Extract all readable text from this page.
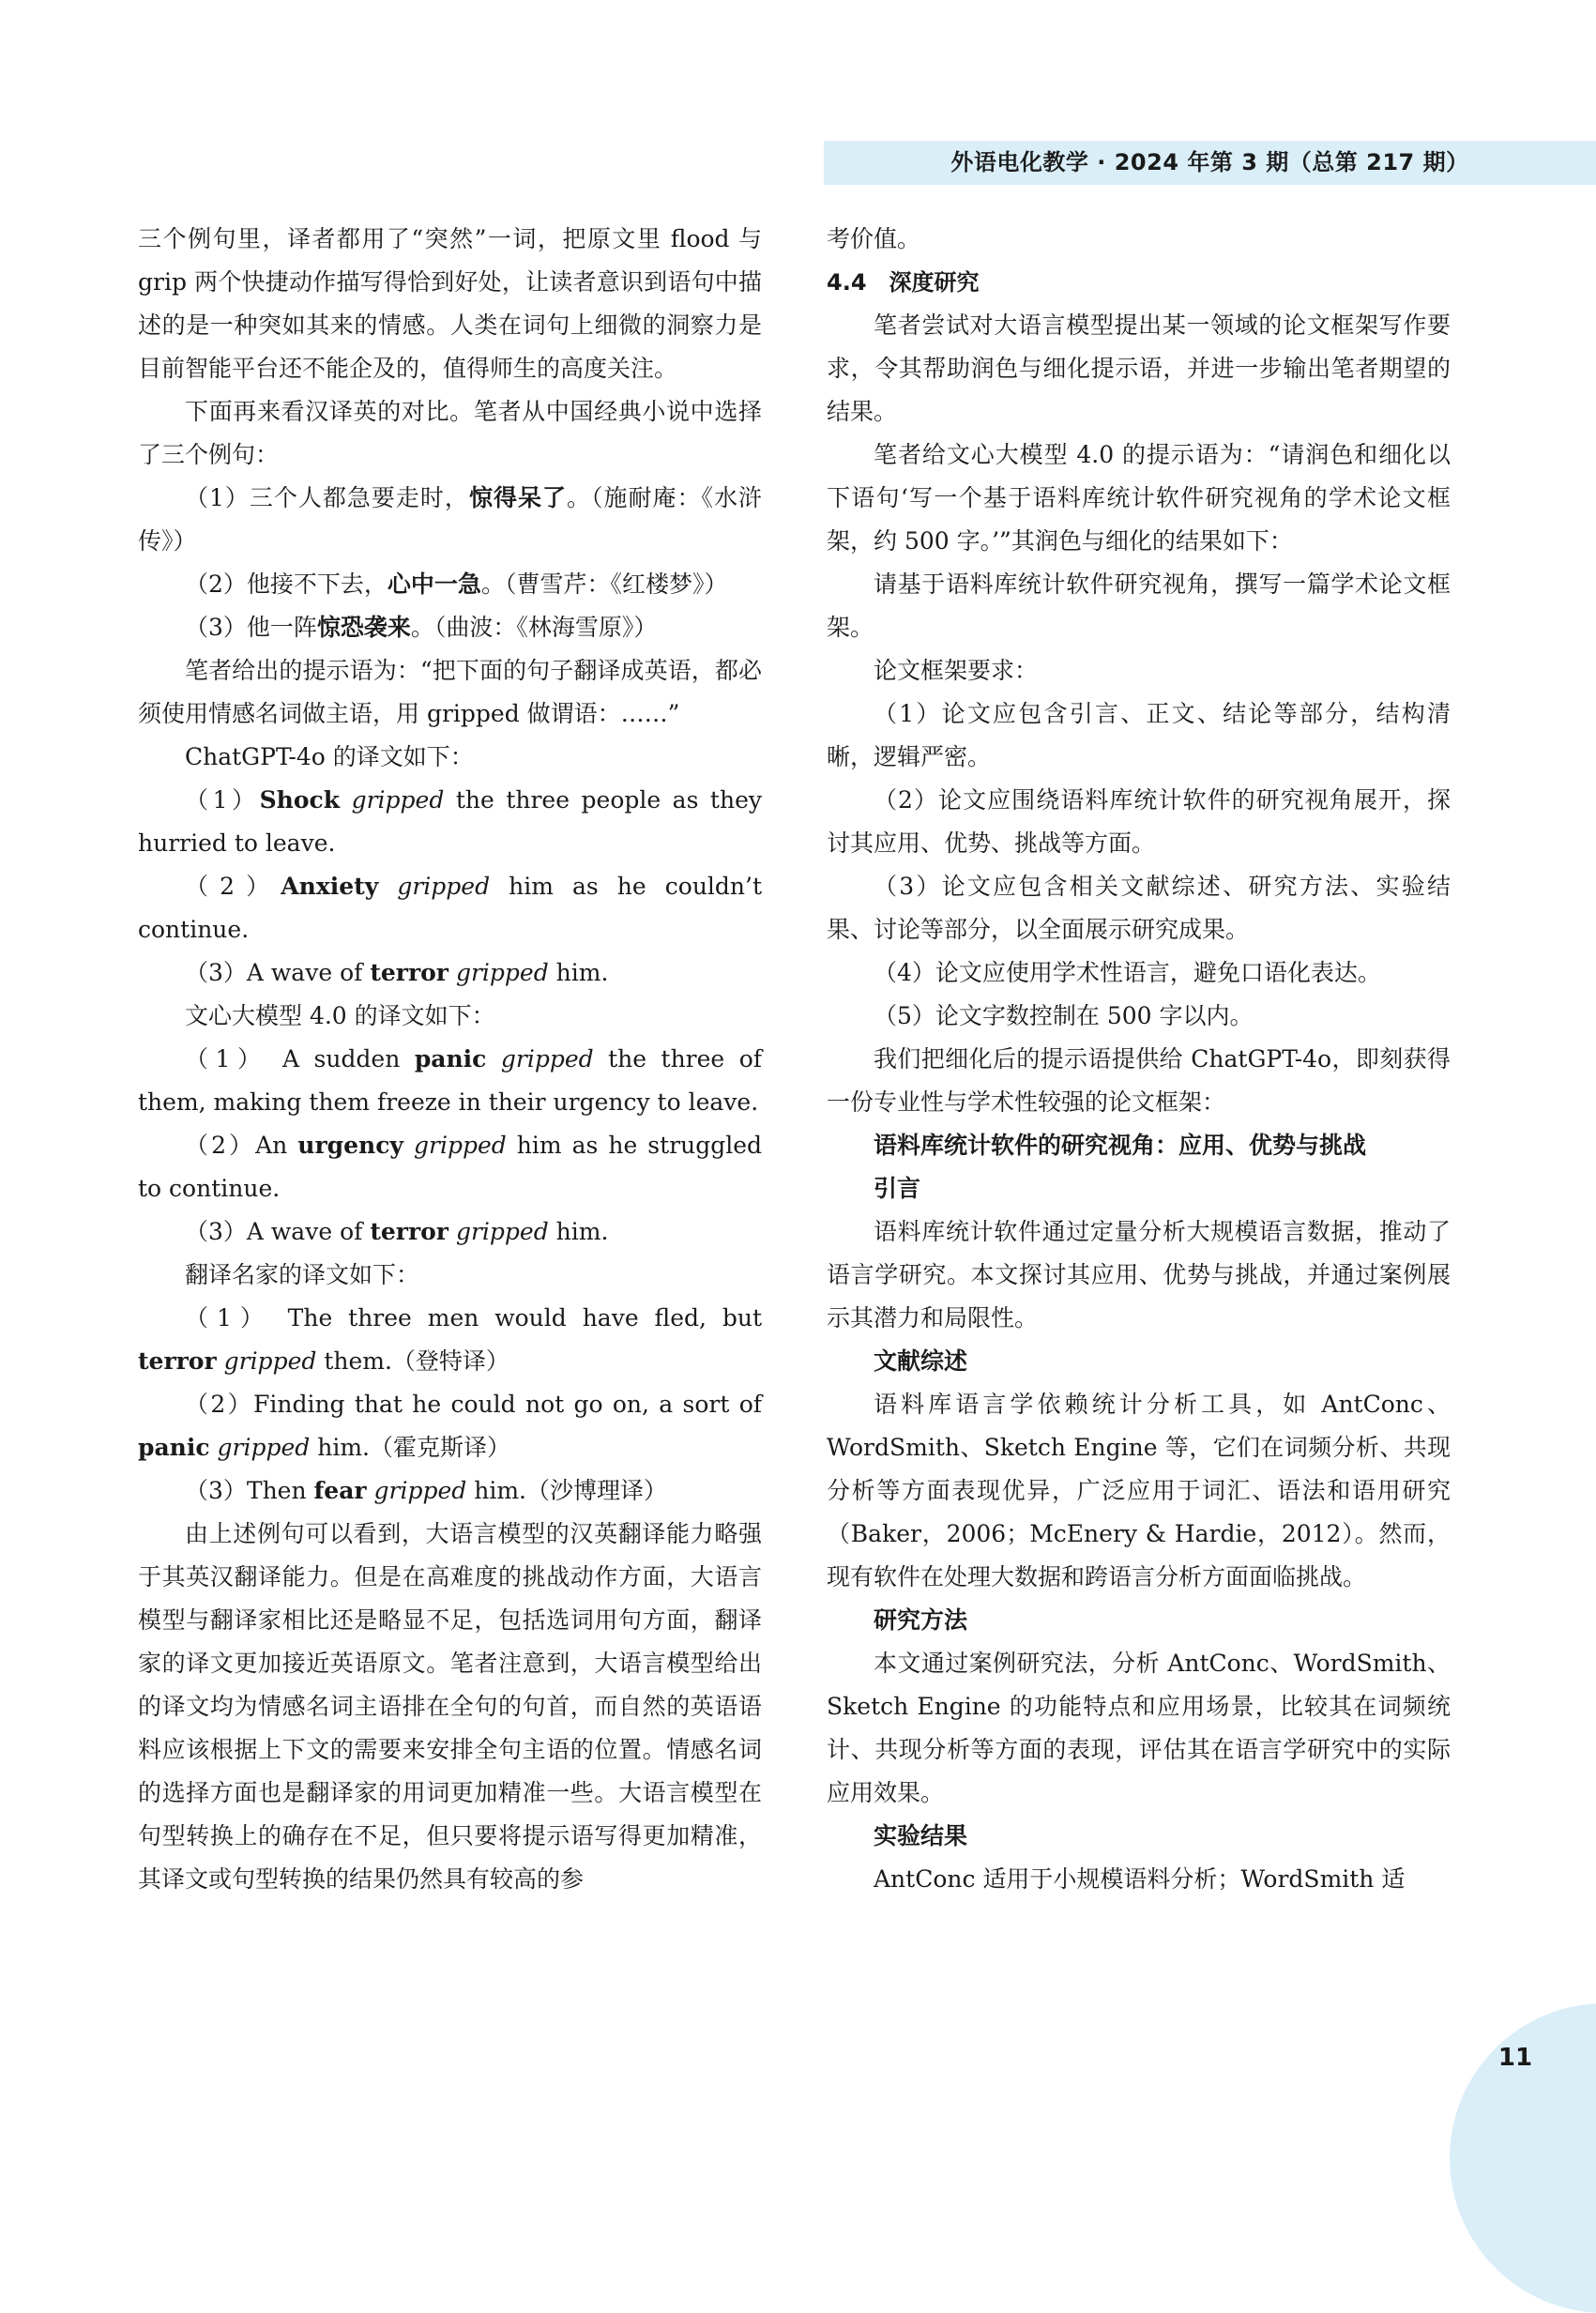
外语电化教学 · 2024 年第 3 期（总第 217 期）

三个例句里，译者都用了“突然”一词，把原文里 flood 与 grip 两个快捷动作描写得恰到好处，让读者意识到语句中描述的是一种突如其来的情感。人类在词句上细微的洞察力是目前智能平台还不能企及的，值得师生的高度关注。

下面再来看汉译英的对比。笔者从中国经典小说中选择了三个例句：

（1）三个人都急要走时，惊得呆了。（施耐庵：《水浒传》）

（2）他接不下去，心中一急。（曹雪芹：《红楼梦》）

（3）他一阵惊恐袭来。（曲波：《林海雪原》）

笔者给出的提示语为：“把下面的句子翻译成英语，都必须使用情感名词做主语，用 gripped 做谓语：……”

ChatGPT-4o 的译文如下：

（1）Shock gripped the three people as they hurried to leave.

（2）Anxiety gripped him as he couldn’t continue.

（3）A wave of terror gripped him.

文心大模型 4.0 的译文如下：

（1） A sudden panic gripped the three of them, making them freeze in their urgency to leave.

（2）An urgency gripped him as he struggled to continue.

（3）A wave of terror gripped him.

翻译名家的译文如下：

（1） The three men would have fled, but terror gripped them.（登特译）

（2）Finding that he could not go on, a sort of panic gripped him.（霍克斯译）

（3）Then fear gripped him.（沙博理译）

由上述例句可以看到，大语言模型的汉英翻译能力略强于其英汉翻译能力。但是在高难度的挑战动作方面，大语言模型与翻译家相比还是略显不足，包括选词用句方面，翻译家的译文更加接近英语原文。笔者注意到，大语言模型给出的译文均为情感名词主语排在全句的句首，而自然的英语语料应该根据上下文的需要来安排全句主语的位置。情感名词的选择方面也是翻译家的用词更加精准一些。大语言模型在句型转换上的确存在不足，但只要将提示语写得更加精准，其译文或句型转换的结果仍然具有较高的参

考价值。

4.4　深度研究

笔者尝试对大语言模型提出某一领域的论文框架写作要求，令其帮助润色与细化提示语，并进一步输出笔者期望的结果。

笔者给文心大模型 4.0 的提示语为：“请润色和细化以下语句‘写一个基于语料库统计软件研究视角的学术论文框架，约 500 字。’”其润色与细化的结果如下：

请基于语料库统计软件研究视角，撰写一篇学术论文框架。

论文框架要求：

（1）论文应包含引言、正文、结论等部分，结构清晰，逻辑严密。

（2）论文应围绕语料库统计软件的研究视角展开，探讨其应用、优势、挑战等方面。

（3）论文应包含相关文献综述、研究方法、实验结果、讨论等部分，以全面展示研究成果。

（4）论文应使用学术性语言，避免口语化表达。

（5）论文字数控制在 500 字以内。

我们把细化后的提示语提供给 ChatGPT-4o，即刻获得一份专业性与学术性较强的论文框架：

语料库统计软件的研究视角：应用、优势与挑战

引言

语料库统计软件通过定量分析大规模语言数据，推动了语言学研究。本文探讨其应用、优势与挑战，并通过案例展示其潜力和局限性。

文献综述

语料库语言学依赖统计分析工具，如 AntConc、WordSmith、Sketch Engine 等，它们在词频分析、共现分析等方面表现优异，广泛应用于词汇、语法和语用研究（Baker，2006；McEnery & Hardie，2012）。然而，现有软件在处理大数据和跨语言分析方面面临挑战。

研究方法

本文通过案例研究法，分析 AntConc、WordSmith、Sketch Engine 的功能特点和应用场景，比较其在词频统计、共现分析等方面的表现，评估其在语言学研究中的实际应用效果。

实验结果

AntConc 适用于小规模语料分析；WordSmith 适

11
